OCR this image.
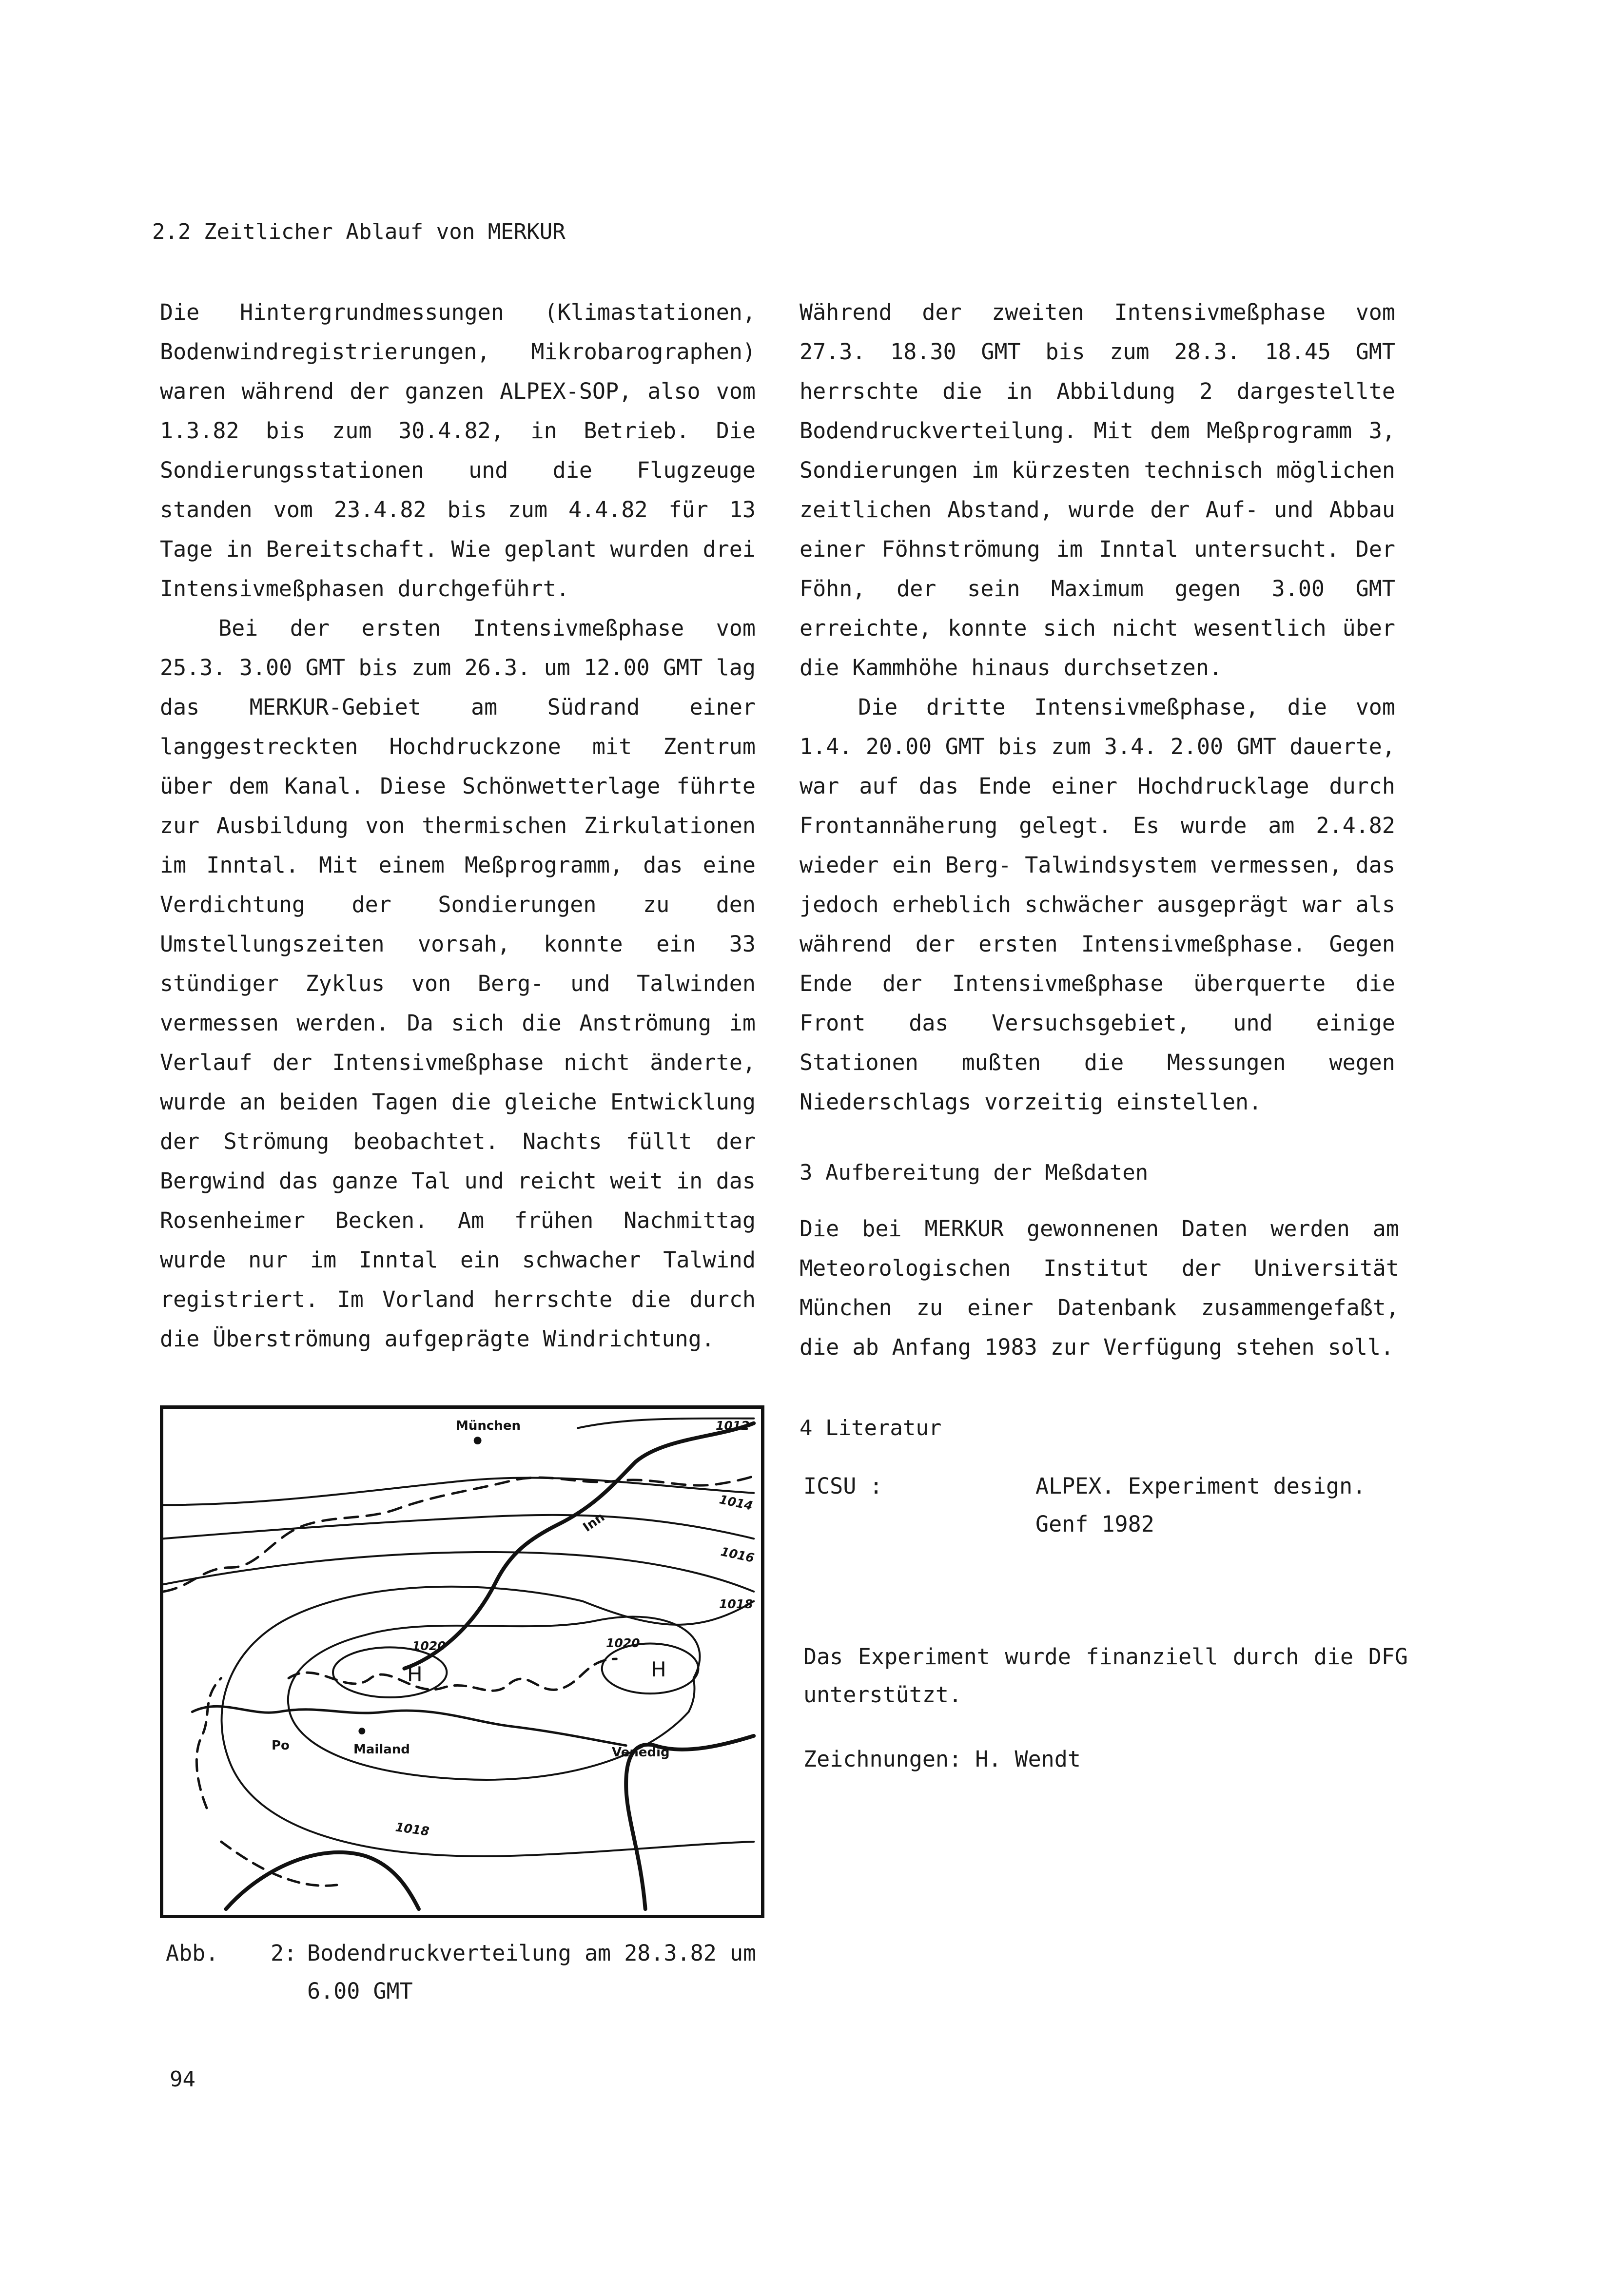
2.2 Zeitlicher Ablauf von MERKUR

Die Hintergrundmessungen (Klimastationen, Bodenwindregistrierungen, Mikrobarographen) waren während der ganzen ALPEX-SOP, also vom 1.3.82 bis zum 30.4.82, in Betrieb. Die Sondierungsstationen und die Flugzeuge standen vom 23.4.82 bis zum 4.4.82 für 13 Tage in Bereitschaft. Wie geplant wurden drei Intensivmeßphasen durchgeführt.

Bei der ersten Intensivmeßphase vom 25.3. 3.00 GMT bis zum 26.3. um 12.00 GMT lag das MERKUR-Gebiet am Südrand einer langgestreckten Hochdruckzone mit Zentrum über dem Kanal. Diese Schönwetterlage führte zur Ausbildung von thermischen Zirkulationen im Inntal. Mit einem Meßprogramm, das eine Verdichtung der Sondierungen zu den Umstellungszeiten vorsah, konnte ein 33 stündiger Zyklus von Berg- und Talwinden vermessen werden. Da sich die Anströmung im Verlauf der Intensivmeßphase nicht änderte, wurde an beiden Tagen die gleiche Entwicklung der Strömung beobachtet. Nachts füllt der Bergwind das ganze Tal und reicht weit in das Rosenheimer Becken. Am frühen Nachmittag wurde nur im Inntal ein schwacher Talwind registriert. Im Vorland herrschte die durch die Überströmung aufgeprägte Windrichtung.

Während der zweiten Intensivmeßphase vom 27.3. 18.30 GMT bis zum 28.3. 18.45 GMT herrschte die in Abbildung 2 dargestellte Bodendruckverteilung. Mit dem Meßprogramm 3, Sondierungen im kürzesten technisch möglichen zeitlichen Abstand, wurde der Auf- und Abbau einer Föhnströmung im Inntal untersucht. Der Föhn, der sein Maximum gegen 3.00 GMT erreichte, konnte sich nicht wesentlich über die Kammhöhe hinaus durchsetzen.

Die dritte Intensivmeßphase, die vom 1.4. 20.00 GMT bis zum 3.4. 2.00 GMT dauerte, war auf das Ende einer Hochdrucklage durch Frontannäherung gelegt. Es wurde am 2.4.82 wieder ein Berg- Talwindsystem vermessen, das jedoch erheblich schwächer ausgeprägt war als während der ersten Intensivmeßphase. Gegen Ende der Intensivmeßphase überquerte die Front das Versuchsgebiet, und einige Stationen mußten die Messungen wegen Niederschlags vorzeitig einstellen.

3 Aufbereitung der Meßdaten

Die bei MERKUR gewonnenen Daten werden am Meteorologischen Institut der Universität München zu einer Datenbank zusammengefaßt, die ab Anfang 1983 zur Verfügung stehen soll.

4 Literatur
ICSU :	ALPEX. Experiment design.
Genf 1982

Das Experiment wurde finanziell durch die DFG unterstützt.

Zeichnungen: H. Wendt

München
Inn
Po	Mailand	Venedig
1012
1014
1016
1018
1018
1020	1020
H	H
Abb. 2: Bodendruckverteilung am 28.3.82 um
6.00 GMT
94
